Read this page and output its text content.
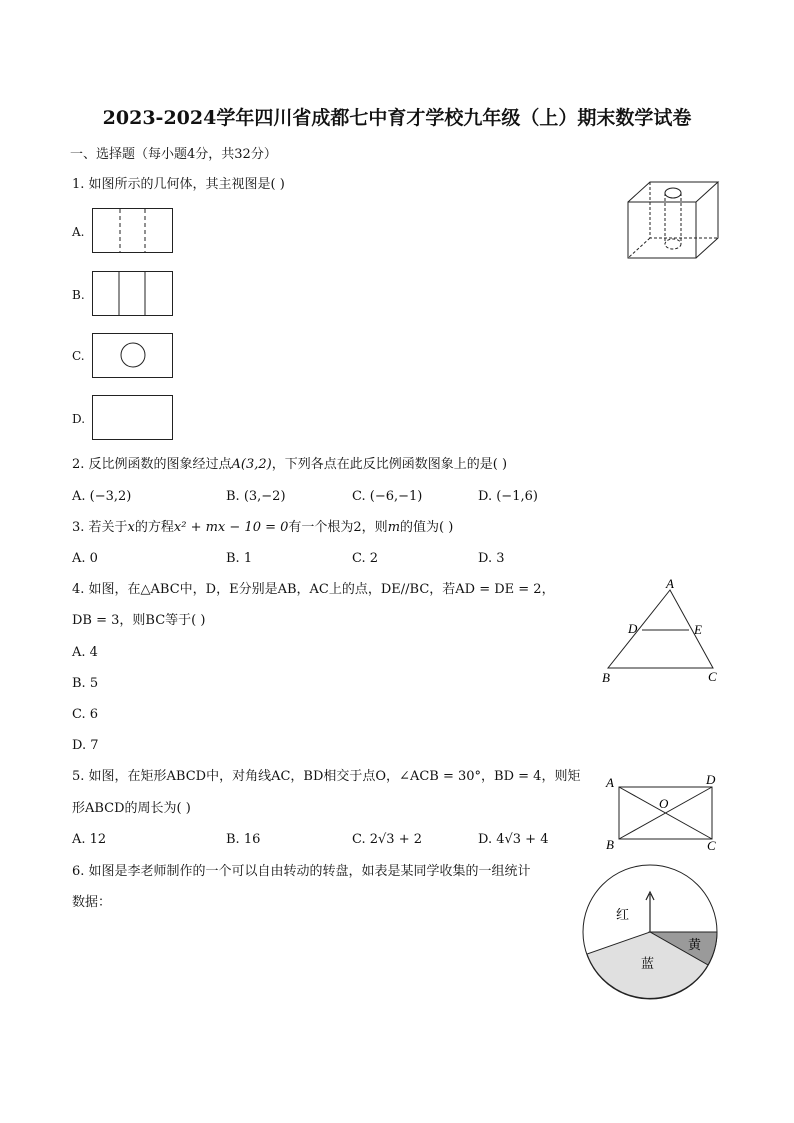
2023-2024学年四川省成都七中育才学校九年级（上）期末数学试卷
一、选择题（每小题4分，共32分）
1. 如图所示的几何体，其主视图是( )
A.
B.
C.
D.
2. 反比例函数的图象经过点A(3,2)，下列各点在此反比例函数图象上的是( )
A. (−3,2)	B. (3,−2)	C. (−6,−1)	D. (−1,6)
3. 若关于x的方程x² + mx − 10 = 0有一个根为2，则m的值为( )
A. 0	B. 1	C. 2	D. 3
4. 如图，在△ABC中，D，E分别是AB，AC上的点，DE//BC，若AD = DE = 2，
DB = 3，则BC等于( )
A. 4
B. 5
C. 6
D. 7
A
D	E
B	C
5. 如图，在矩形ABCD中，对角线AC，BD相交于点O，∠ACB = 30°，BD = 4，则矩
形ABCD的周长为( )
A. 12	B. 16	C. 2√3 + 2	D. 4√3 + 4
A	D
O
B	C
6. 如图是李老师制作的一个可以自由转动的转盘，如表是某同学收集的一组统计
数据：
红
黄
蓝
